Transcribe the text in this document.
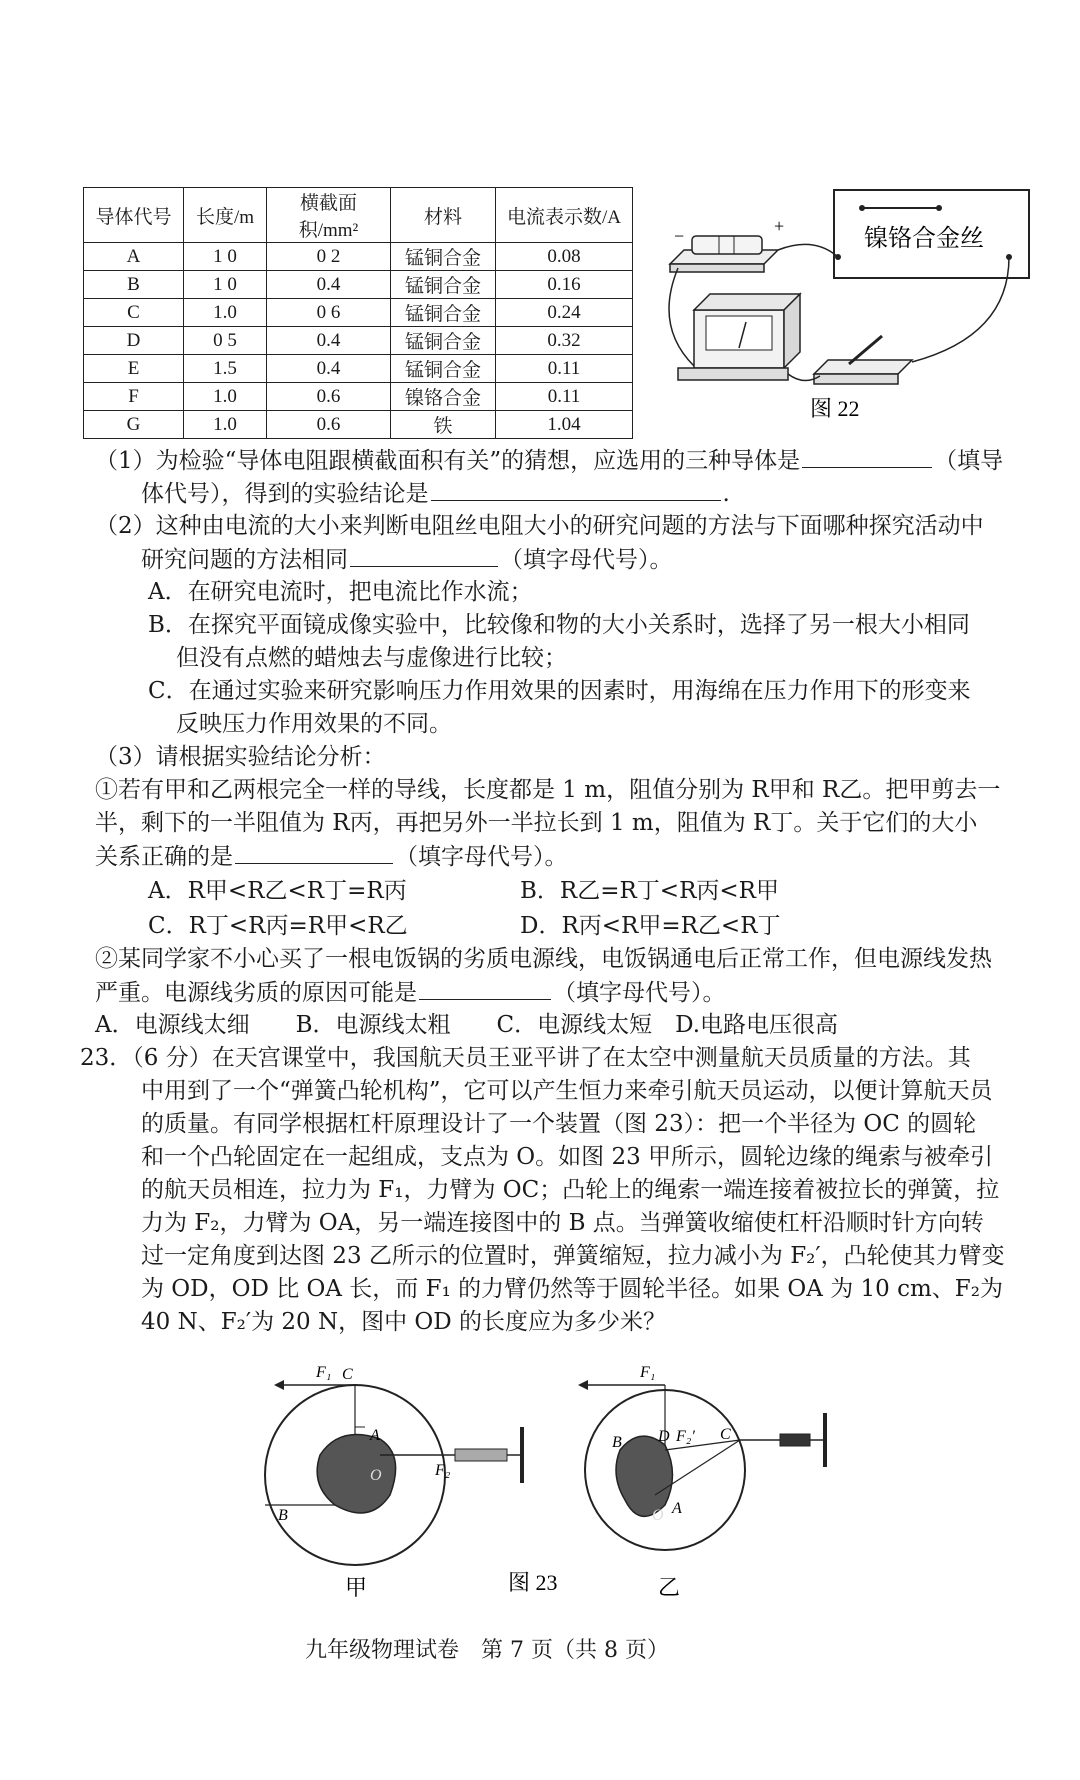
导体代号	长度/m	横截面积/mm²	材料	电流表示数/A
A	1 0	0 2	锰铜合金	0.08
B	1 0	0.4	锰铜合金	0.16
C	1.0	0 6	锰铜合金	0.24
D	0 5	0.4	锰铜合金	0.32
E	1.5	0.4	锰铜合金	0.11
F	1.0	0.6	镍铬合金	0.11
G	1.0	0.6	铁	1.04
镍铬合金丝
−	+
图 22
（1）为检验“导体电阻跟横截面积有关”的猜想，应选用的三种导体是	（填导
体代号），得到的实验结论是	.
（2）这种由电流的大小来判断电阻丝电阻大小的研究问题的方法与下面哪种探究活动中
研究问题的方法相同	（填字母代号）。
A．在研究电流时，把电流比作水流；
B．在探究平面镜成像实验中，比较像和物的大小关系时，选择了另一根大小相同
但没有点燃的蜡烛去与虚像进行比较；
C．在通过实验来研究影响压力作用效果的因素时，用海绵在压力作用下的形变来
反映压力作用效果的不同。
（3）请根据实验结论分析：
①若有甲和乙两根完全一样的导线，长度都是 1 m，阻值分别为 R甲和 R乙。把甲剪去一
半，剩下的一半阻值为 R丙，再把另外一半拉长到 1 m，阻值为 R丁。关于它们的大小
关系正确的是	（填字母代号）。
A．R甲<R乙<R丁=R丙	B．R乙=R丁<R丙<R甲
C．R丁<R丙=R甲<R乙	D．R丙<R甲=R乙<R丁
②某同学家不小心买了一根电饭锅的劣质电源线，电饭锅通电后正常工作，但电源线发热
严重。电源线劣质的原因可能是	（填字母代号）。
A．电源线太细　　B．电源线太粗　　C．电源线太短　D.电路电压很高
23．（6 分）在天宫课堂中，我国航天员王亚平讲了在太空中测量航天员质量的方法。其
中用到了一个“弹簧凸轮机构”，它可以产生恒力来牵引航天员运动，以便计算航天员
的质量。有同学根据杠杆原理设计了一个装置（图 23）：把一个半径为 OC 的圆轮
和一个凸轮固定在一起组成，支点为 O。如图 23 甲所示，圆轮边缘的绳索与被牵引
的航天员相连，拉力为 F₁，力臂为 OC；凸轮上的绳索一端连接着被拉长的弹簧，拉
力为 F₂，力臂为 OA，另一端连接图中的 B 点。当弹簧收缩使杠杆沿顺时针方向转
过一定角度到达图 23 乙所示的位置时，弹簧缩短，拉力减小为 F₂′，凸轮使其力臂变
为 OD，OD 比 OA 长，而 F₁ 的力臂仍然等于圆轮半径。如果 OA 为 10 cm、F₂为
40 N、F₂′为 20 N，图中 OD 的长度应为多少米？
F₁ C
A
B
O	F₂
甲
F₁
B D F₂′ C
A
O
乙
图 23
九年级物理试卷　第 7 页（共 8 页）
